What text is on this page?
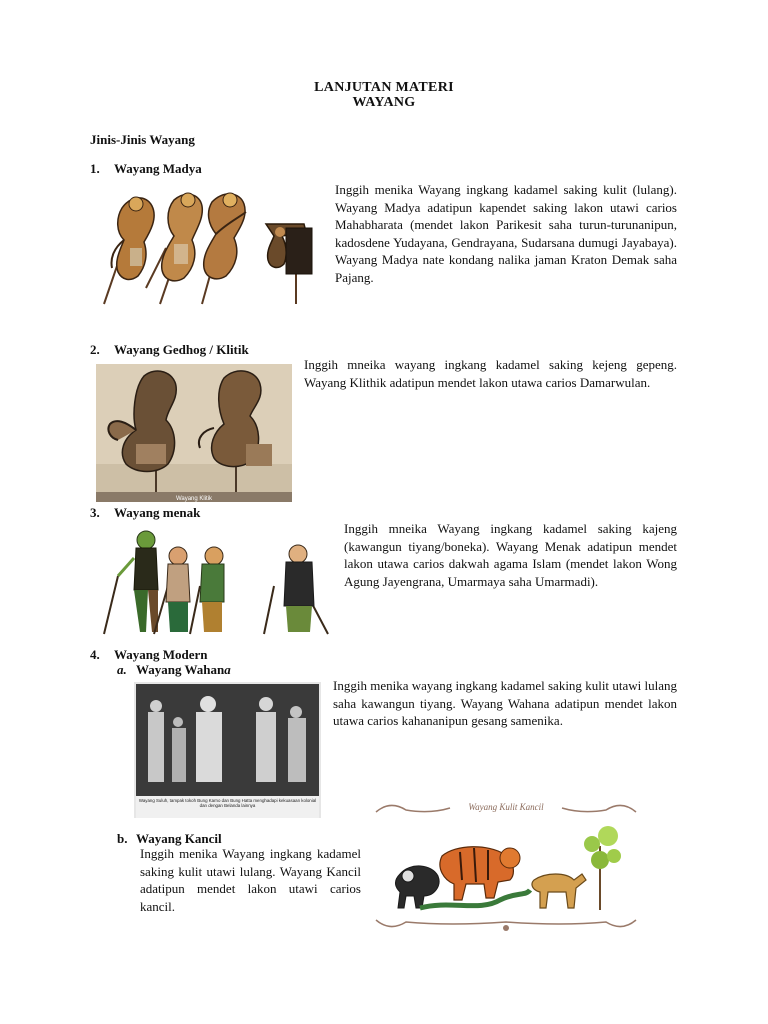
LANJUTAN MATERI
WAYANG
Jinis-Jinis Wayang
1. Wayang Madya
Inggih menika Wayang ingkang kadamel saking kulit (lulang). Wayang Madya adatipun kapendet saking lakon utawi carios Mahabharata (mendet lakon Parikesit saha turun-turunanipun, kadosdene Yudayana, Gendrayana, Sudarsana dumugi Jayabaya). Wayang Madya nate kondang nalika jaman Kraton Demak saha Pajang.
2. Wayang Gedhog / Klitik
Inggih mneika wayang ingkang kadamel saking kejeng gepeng. Wayang Klithik adatipun mendet lakon utawa carios Damarwulan.
Wayang Klitik
3. Wayang menak
Inggih mneika Wayang ingkang kadamel saking kajeng (kawangun tiyang/boneka). Wayang Menak adatipun mendet lakon utawa carios dakwah agama Islam (mendet lakon Wong Agung Jayengrana, Umarmaya saha Umarmadi).
4. Wayang Modern
a. Wayang Wahana
Inggih menika wayang ingkang kadamel saking kulit utawi lulang saha kawangun tiyang. Wayang Wahana adatipun mendet lakon utawa carios kahananipun gesang samenika.
Wayang Suluh, tampak tokoh Bung Karno dan Bung Hatta menghadapi kekuasaan kolonial dan dengan Belanda lainnya
b. Wayang Kancil
Inggih menika Wayang ingkang kadamel saking kulit utawi lulang. Wayang Kancil adatipun mendet lakon utawi carios kancil.
Wayang Kulit Kancil
